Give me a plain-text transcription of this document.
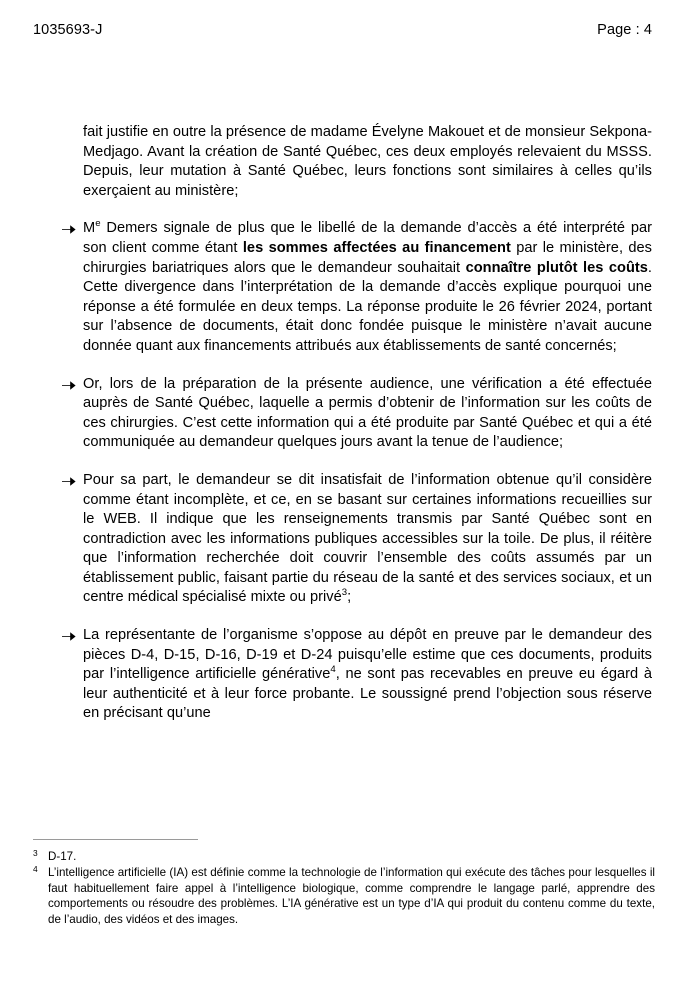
1035693-J	Page : 4
fait justifie en outre la présence de madame Évelyne Makouet et de monsieur Sekpona-Medjago. Avant la création de Santé Québec, ces deux employés relevaient du MSSS. Depuis, leur mutation à Santé Québec, leurs fonctions sont similaires à celles qu’ils exerçaient au ministère;
Me Demers signale de plus que le libellé de la demande d’accès a été interprété par son client comme étant les sommes affectées au financement par le ministère, des chirurgies bariatriques alors que le demandeur souhaitait connaître plutôt les coûts. Cette divergence dans l’interprétation de la demande d’accès explique pourquoi une réponse a été formulée en deux temps. La réponse produite le 26 février 2024, portant sur l’absence de documents, était donc fondée puisque le ministère n’avait aucune donnée quant aux financements attribués aux établissements de santé concernés;
Or, lors de la préparation de la présente audience, une vérification a été effectuée auprès de Santé Québec, laquelle a permis d’obtenir de l’information sur les coûts de ces chirurgies. C’est cette information qui a été produite par Santé Québec et qui a été communiquée au demandeur quelques jours avant la tenue de l’audience;
Pour sa part, le demandeur se dit insatisfait de l’information obtenue qu’il considère comme étant incomplète, et ce, en se basant sur certaines informations recueillies sur le WEB. Il indique que les renseignements transmis par Santé Québec sont en contradiction avec les informations publiques accessibles sur la toile. De plus, il réitère que l’information recherchée doit couvrir l’ensemble des coûts assumés par un établissement public, faisant partie du réseau de la santé et des services sociaux, et un centre médical spécialisé mixte ou privé$^3$;
La représentante de l’organisme s’oppose au dépôt en preuve par le demandeur des pièces D-4, D-15, D-16, D-19 et D-24 puisqu’elle estime que ces documents, produits par l’intelligence artificielle générative$^4$, ne sont pas recevables en preuve eu égard à leur authenticité et à leur force probante. Le soussigné prend l’objection sous réserve en précisant qu’une
3 D-17.
4 L’intelligence artificielle (IA) est définie comme la technologie de l’information qui exécute des tâches pour lesquelles il faut habituellement faire appel à l’intelligence biologique, comme comprendre le langage parlé, apprendre des comportements ou résoudre des problèmes. L’IA générative est un type d’IA qui produit du contenu comme du texte, de l’audio, des vidéos et des images.
